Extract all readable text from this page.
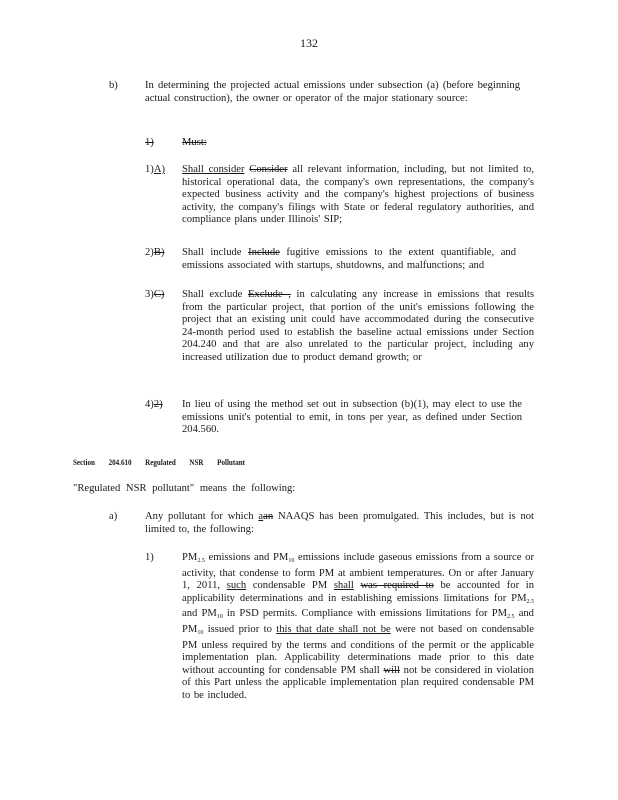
132
b)	In determining the projected actual emissions under subsection (a) (before beginning actual construction), the owner or operator of the major stationary source:
1)	Must:
1)A) Shall consider Consider all relevant information, including, but not limited to, historical operational data, the company's own representations, the company's expected business activity and the company's highest projections of business activity, the company's filings with State or federal regulatory authorities, and compliance plans under Illinois' SIP;
2)B) Shall include Include fugitive emissions to the extent quantifiable, and emissions associated with startups, shutdowns, and malfunctions; and
3)C) Shall exclude Exclude , in calculating any increase in emissions that results from the particular project, that portion of the unit's emissions following the project that an existing unit could have accommodated during the consecutive 24-month period used to establish the baseline actual emissions under Section 204.240 and that are also unrelated to the particular project, including any increased utilization due to product demand growth; or
4)2) In lieu of using the method set out in subsection (b)(1), may elect to use the emissions unit's potential to emit, in tons per year, as defined under Section 204.560.
Section 204.610 Regulated NSR Pollutant
"Regulated NSR pollutant" means the following:
a)	Any pollutant for which aan NAAQS has been promulgated. This includes, but is not limited to, the following:
1)	$PM_{2.5}$ emissions and $PM_{10}$ emissions include gaseous emissions from a source or activity, that condense to form PM at ambient temperatures. On or after January 1, 2011, such condensable PM shall was required to be accounted for in applicability determinations and in establishing emissions limitations for $PM_{2.5}$ and $PM_{10}$ in PSD permits. Compliance with emissions limitations for $PM_{2.5}$ and $PM_{10}$ issued prior to this that date shall not be were not based on condensable PM unless required by the terms and conditions of the permit or the applicable implementation plan. Applicability determinations made prior to this date without accounting for condensable PM shall will not be considered in violation of this Part unless the applicable implementation plan required condensable PM to be included.
